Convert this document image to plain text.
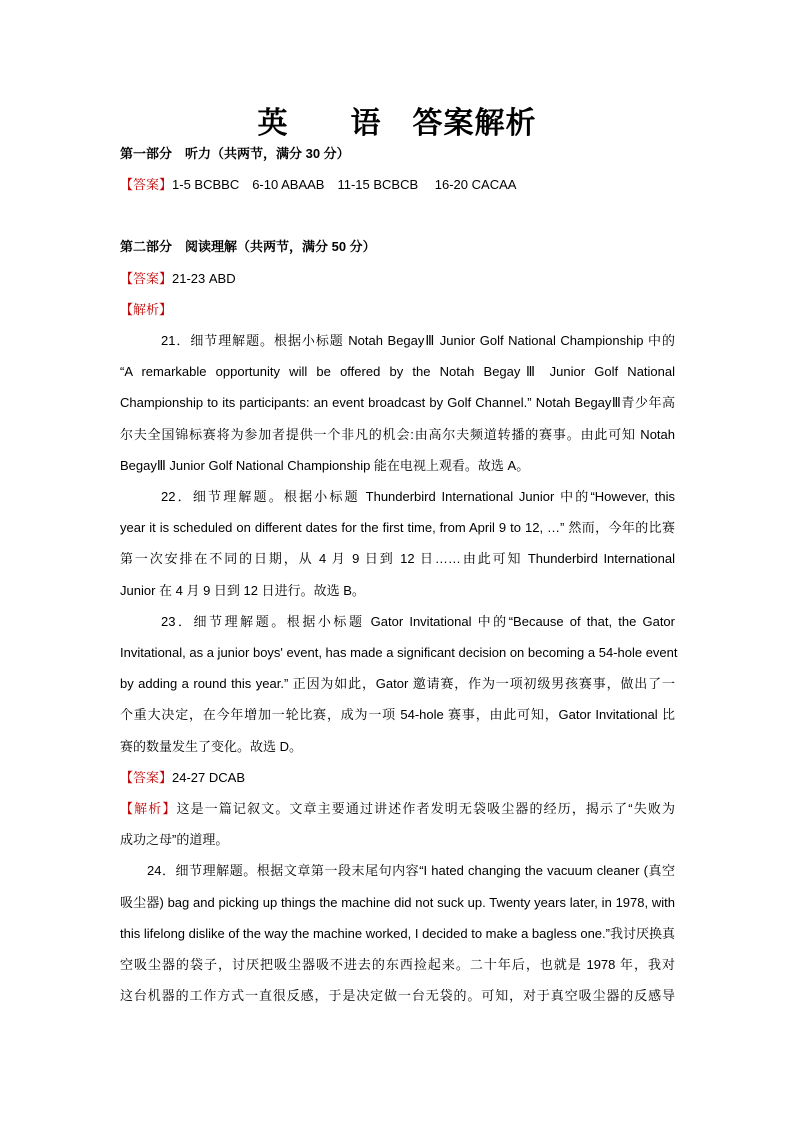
英　　语　答案解析

第一部分　听力（共两节，满分 30 分）

【答案】1-5 BCBBC　6-10 ABAAB　11-15 BCBCB　 16-20 CACAA

第二部分　阅读理解（共两节，满分 50 分）

【答案】21-23 ABD

【解析】

21．细节理解题。根据小标题 Notah BegayⅢ Junior Golf National Championship 中的

“A remarkable opportunity will be offered by the Notah BegayⅢ Junior Golf National

Championship to its participants: an event broadcast by Golf Channel.” Notah BegayⅢ青少年高

尔夫全国锦标赛将为参加者提供一个非凡的机会:由高尔夫频道转播的赛事。由此可知 Notah

BegayⅢ Junior Golf National Championship 能在电视上观看。故选 A。

22．细节理解题。根据小标题 Thunderbird International Junior 中的“However, this

year it is scheduled on different dates for the first time, from April 9 to 12, …” 然而，今年的比赛

第一次安排在不同的日期，从 4 月 9 日到 12 日……由此可知 Thunderbird International

Junior 在 4 月 9 日到 12 日进行。故选 B。

23．细节理解题。根据小标题 Gator Invitational 中的“Because of that, the Gator

Invitational, as a junior boys' event, has made a significant decision on becoming a 54-hole event

by adding a round this year.” 正因为如此，Gator 邀请赛，作为一项初级男孩赛事，做出了一

个重大决定，在今年增加一轮比赛，成为一项 54-hole 赛事，由此可知，Gator Invitational 比

赛的数量发生了变化。故选 D。

【答案】24-27 DCAB

【解析】这是一篇记叙文。文章主要通过讲述作者发明无袋吸尘器的经历，揭示了“失败为

成功之母”的道理。

24．细节理解题。根据文章第一段末尾句内容“I hated changing the vacuum cleaner (真空

吸尘器) bag and picking up things the machine did not suck up. Twenty years later, in 1978, with

this lifelong dislike of the way the machine worked, I decided to make a bagless one.”我讨厌换真

空吸尘器的袋子，讨厌把吸尘器吸不进去的东西捡起来。二十年后，也就是 1978 年，我对

这台机器的工作方式一直很反感，于是决定做一台无袋的。可知，对于真空吸尘器的反感导
